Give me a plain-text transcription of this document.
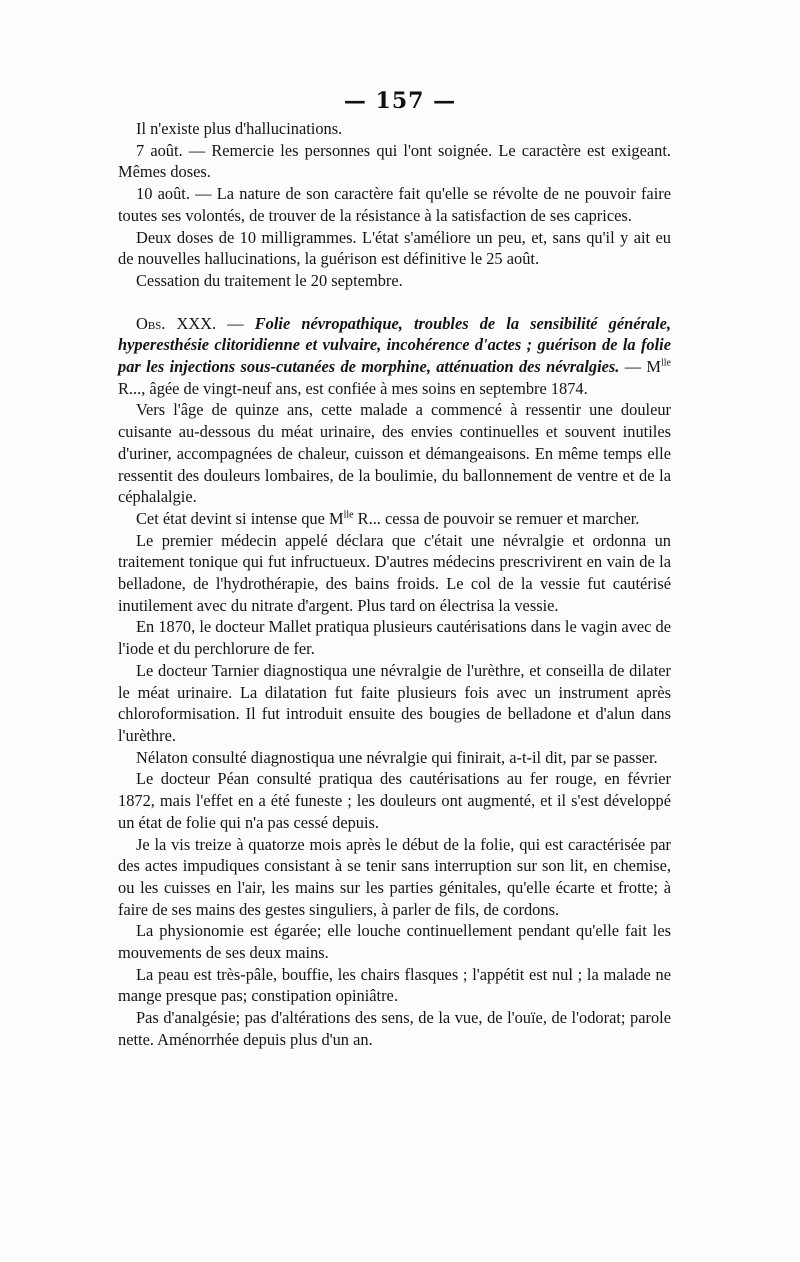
— 157 —

Il n'existe plus d'hallucinations.

7 août. — Remercie les personnes qui l'ont soignée. Le caractère est exigeant. Mêmes doses.

10 août. — La nature de son caractère fait qu'elle se révolte de ne pouvoir faire toutes ses volontés, de trouver de la résistance à la satisfaction de ses caprices.

Deux doses de 10 milligrammes. L'état s'améliore un peu, et, sans qu'il y ait eu de nouvelles hallucinations, la guérison est définitive le 25 août.

Cessation du traitement le 20 septembre.

Obs. XXX. — Folie névropathique, troubles de la sensibilité générale, hyperesthésie clitoridienne et vulvaire, incohérence d'actes ; guérison de la folie par les injections sous-cutanées de morphine, atténuation des névralgies. — $M^{lle}$ R..., âgée de vingt-neuf ans, est confiée à mes soins en septembre 1874.

Vers l'âge de quinze ans, cette malade a commencé à ressentir une douleur cuisante au-dessous du méat urinaire, des envies continuelles et souvent inutiles d'uriner, accompagnées de chaleur, cuisson et démangeaisons. En même temps elle ressentit des douleurs lombaires, de la boulimie, du ballonnement de ventre et de la céphalalgie.

Cet état devint si intense que $M^{lle}$ R... cessa de pouvoir se remuer et marcher.

Le premier médecin appelé déclara que c'était une névralgie et ordonna un traitement tonique qui fut infructueux. D'autres médecins prescrivirent en vain de la belladone, de l'hydrothérapie, des bains froids. Le col de la vessie fut cautérisé inutilement avec du nitrate d'argent. Plus tard on électrisa la vessie.

En 1870, le docteur Mallet pratiqua plusieurs cautérisations dans le vagin avec de l'iode et du perchlorure de fer.

Le docteur Tarnier diagnostiqua une névralgie de l'urèthre, et conseilla de dilater le méat urinaire. La dilatation fut faite plusieurs fois avec un instrument après chloroformisation. Il fut introduit ensuite des bougies de belladone et d'alun dans l'urèthre.

Nélaton consulté diagnostiqua une névralgie qui finirait, a-t-il dit, par se passer.

Le docteur Péan consulté pratiqua des cautérisations au fer rouge, en février 1872, mais l'effet en a été funeste ; les douleurs ont augmenté, et il s'est développé un état de folie qui n'a pas cessé depuis.

Je la vis treize à quatorze mois après le début de la folie, qui est caractérisée par des actes impudiques consistant à se tenir sans interruption sur son lit, en chemise, ou les cuisses en l'air, les mains sur les parties génitales, qu'elle écarte et frotte; à faire de ses mains des gestes singuliers, à parler de fils, de cordons.

La physionomie est égarée; elle louche continuellement pendant qu'elle fait les mouvements de ses deux mains.

La peau est très-pâle, bouffie, les chairs flasques ; l'appétit est nul ; la malade ne mange presque pas; constipation opiniâtre.

Pas d'analgésie; pas d'altérations des sens, de la vue, de l'ouïe, de l'odorat; parole nette. Aménorrhée depuis plus d'un an.
